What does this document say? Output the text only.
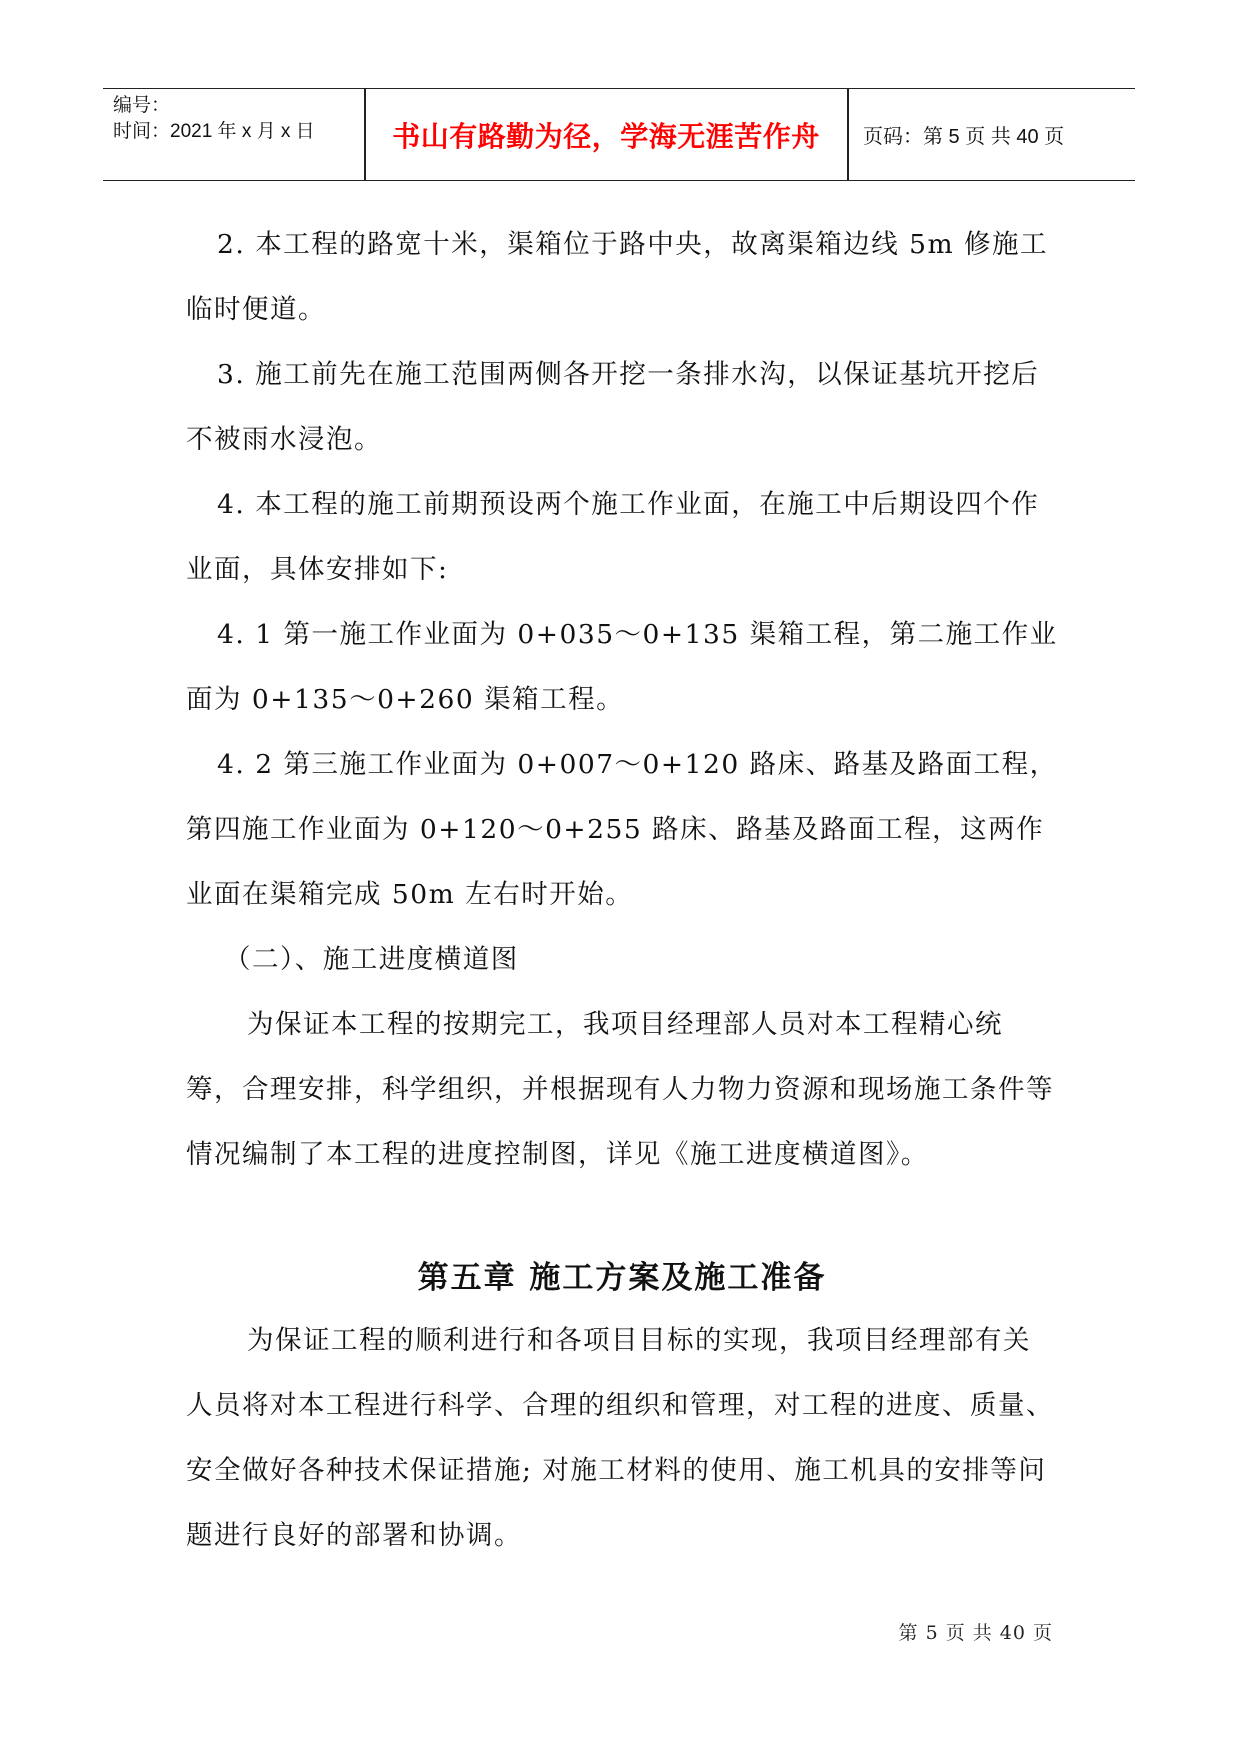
编号：
时间：2021 年 x 月 x 日	书山有路勤为径，学海无涯苦作舟	页码：第 5 页 共 40 页

2. 本工程的路宽十米，渠箱位于路中央，故离渠箱边线 5m 修施工临时便道。

3. 施工前先在施工范围两侧各开挖一条排水沟，以保证基坑开挖后不被雨水浸泡。

4. 本工程的施工前期预设两个施工作业面，在施工中后期设四个作业面，具体安排如下:

4. 1 第一施工作业面为 0+035～0+135 渠箱工程，第二施工作业面为 0+135～0+260 渠箱工程。

4. 2 第三施工作业面为 0+007～0+120 路床、路基及路面工程，第四施工作业面为 0+120～0+255 路床、路基及路面工程，这两作业面在渠箱完成 50m 左右时开始。

（二）、施工进度横道图

为保证本工程的按期完工，我项目经理部人员对本工程精心统筹，合理安排，科学组织，并根据现有人力物力资源和现场施工条件等情况编制了本工程的进度控制图，详见《施工进度横道图》。

第五章 施工方案及施工准备

为保证工程的顺利进行和各项目目标的实现，我项目经理部有关人员将对本工程进行科学、合理的组织和管理，对工程的进度、质量、安全做好各种技术保证措施; 对施工材料的使用、施工机具的安排等问题进行良好的部署和协调。

第 5 页 共 40 页
